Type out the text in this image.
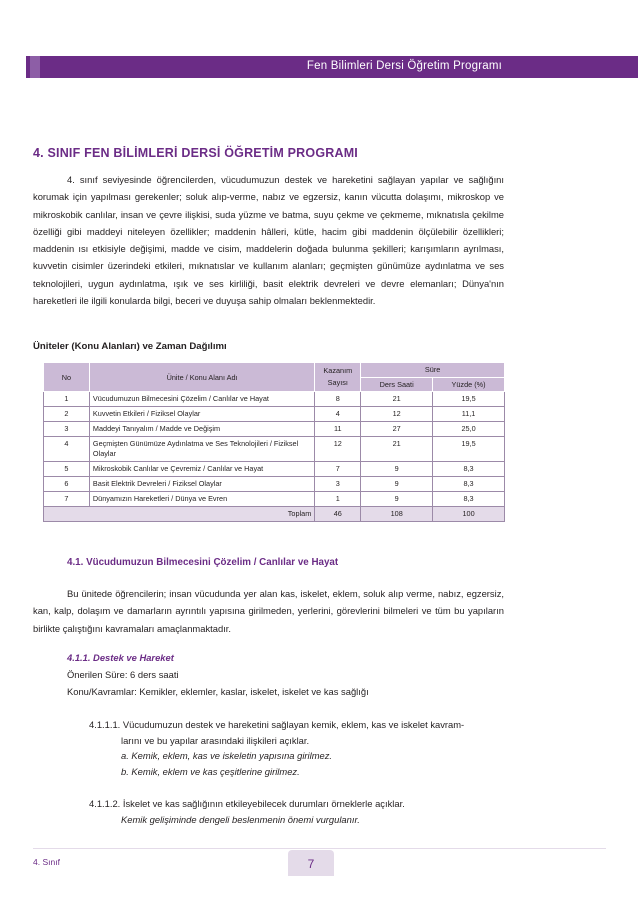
Fen Bilimleri Dersi Öğretim Programı
4. SINIF FEN BİLİMLERİ DERSİ ÖĞRETİM PROGRAMI

4. sınıf seviyesinde öğrencilerden, vücudumuzun destek ve hareketini sağlayan yapılar ve sağlığını korumak için yapılması gerekenler; soluk alıp-verme, nabız ve egzersiz, kanın vücutta dolaşımı, mikroskop ve mikroskobik canlılar, insan ve çevre ilişkisi, suda yüzme ve batma, suyu çekme ve çekmeme, mıknatısla çekilme özelliği gibi maddeyi niteleyen özellikler; maddenin hâlleri, kütle, hacim gibi maddenin ölçülebilir özellikleri; maddenin ısı etkisiyle değişimi, madde ve cisim, maddelerin doğada bulunma şekilleri; karışımların ayrılması, kuvvetin cisimler üzerindeki etkileri, mıknatıslar ve kullanım alanları; geçmişten günümüze aydınlatma ve ses teknolojileri, uygun aydınlatma, ışık ve ses kirliliği, basit elektrik devreleri ve devre elemanları; Dünya'nın hareketleri ile ilgili konularda bilgi, beceri ve duyuşa sahip olmaları beklenmektedir.

Üniteler (Konu Alanları) ve Zaman Dağılımı
No	Ünite / Konu Alanı Adı	Kazanım Sayısı	Süre	
			Ders Saati	Yüzde (%)
1	Vücudumuzun Bilmecesini Çözelim / Canlılar ve Hayat	8	21	19,5
2	Kuvvetin Etkileri / Fiziksel Olaylar	4	12	11,1
3	Maddeyi Tanıyalım / Madde ve Değişim	11	27	25,0
4	Geçmişten Günümüze Aydınlatma ve Ses Teknolojileri / Fiziksel Olaylar	12	21	19,5
5	Mikroskobik Canlılar ve Çevremiz / Canlılar ve Hayat	7	9	8,3
6	Basit Elektrik Devreleri / Fiziksel Olaylar	3	9	8,3
7	Dünyamızın Hareketleri / Dünya ve Evren	1	9	8,3
Toplam		46	108	100
4.1. Vücudumuzun Bilmecesini Çözelim / Canlılar ve Hayat

Bu ünitede öğrencilerin; insan vücudunda yer alan kas, iskelet, eklem, soluk alıp verme, nabız, egzersiz, kan, kalp, dolaşım ve damarların ayrıntılı yapısına girilmeden, yerlerini, görevlerini bilmeleri ve tüm bu yapıların birlikte çalıştığını kavramaları amaçlanmaktadır.

4.1.1. Destek ve Hareket
Önerilen Süre: 6 ders saati
Konu/Kavramlar: Kemikler, eklemler, kaslar, iskelet, iskelet ve kas sağlığı
4.1.1.1. Vücudumuzun destek ve hareketini sağlayan kemik, eklem, kas ve iskelet kavram-
larını ve bu yapılar arasındaki ilişkileri açıklar.
a. Kemik, eklem, kas ve iskeletin yapısına girilmez.
b. Kemik, eklem ve kas çeşitlerine girilmez.
4.1.1.2. İskelet ve kas sağlığının etkileyebilecek durumları örneklerle açıklar.
Kemik gelişiminde dengeli beslenmenin önemi vurgulanır.
4. Sınıf	7
